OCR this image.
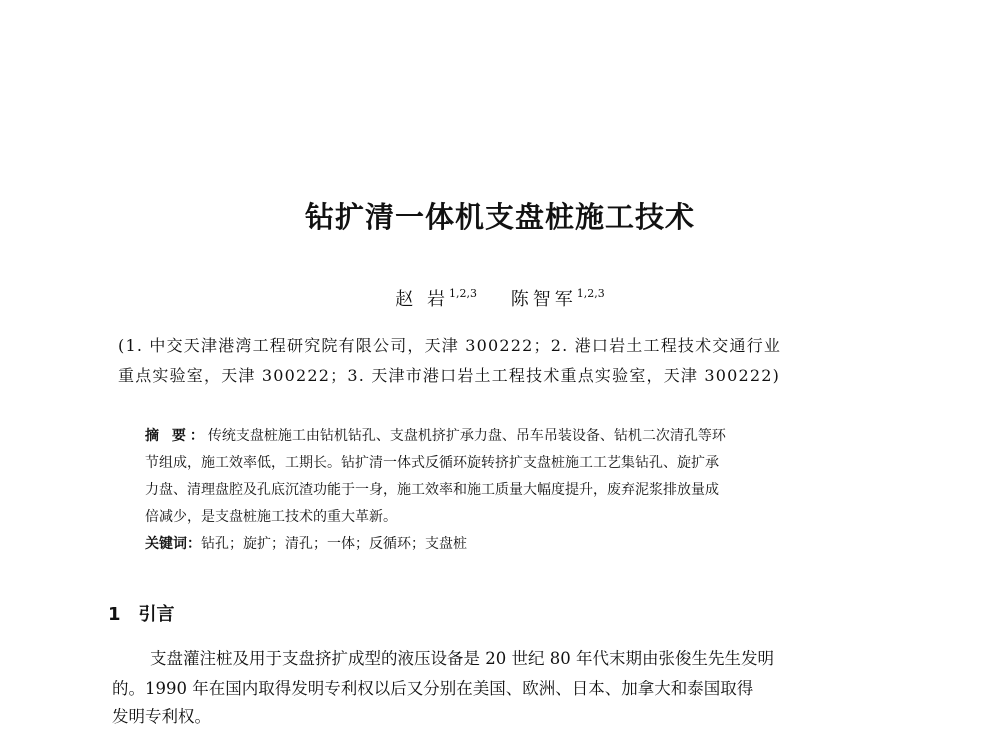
钻扩清一体机支盘桩施工技术
赵 岩$^{1,2,3}$ 陈智军$^{1,2,3}$
(1. 中交天津港湾工程研究院有限公司，天津 300222；2. 港口岩土工程技术交通行业
重点实验室，天津 300222；3. 天津市港口岩土工程技术重点实验室，天津 300222)
摘 要：传统支盘桩施工由钻机钻孔、支盘机挤扩承力盘、吊车吊装设备、钻机二次清孔等环
节组成，施工效率低，工期长。钻扩清一体式反循环旋转挤扩支盘桩施工工艺集钻孔、旋扩承
力盘、清理盘腔及孔底沉渣功能于一身，施工效率和施工质量大幅度提升，废弃泥浆排放量成
倍减少，是支盘桩施工技术的重大革新。
关键词：钻孔；旋扩；清孔；一体；反循环；支盘桩
1 引言
支盘灌注桩及用于支盘挤扩成型的液压设备是 20 世纪 80 年代末期由张俊生先生发明
的。1990 年在国内取得发明专利权以后又分别在美国、欧洲、日本、加拿大和泰国取得
发明专利权。
